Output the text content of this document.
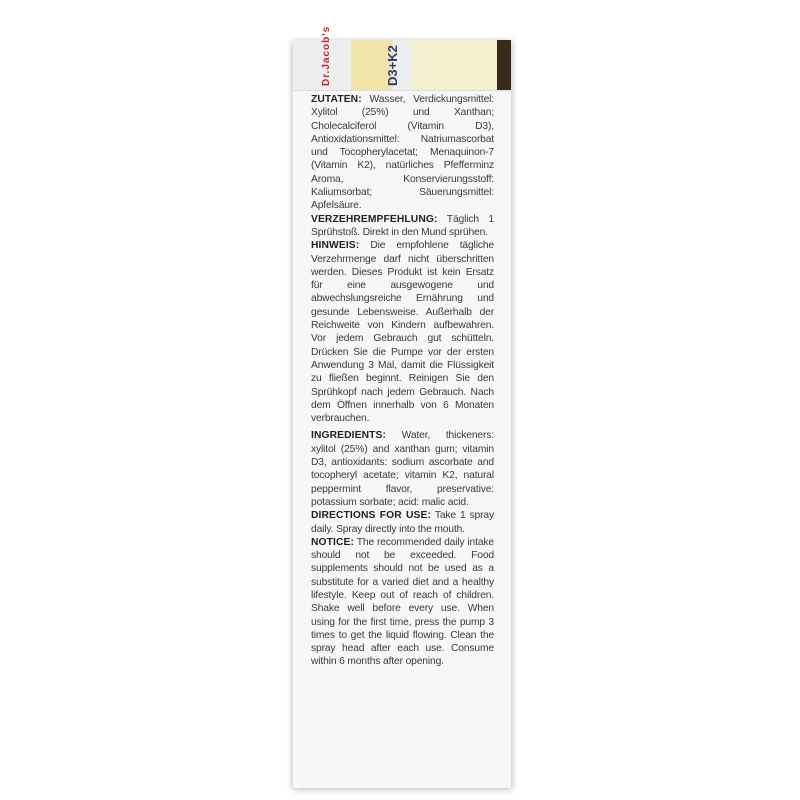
Dr.Jacob's	D3+K2
ZUTATEN: Wasser, Verdickungsmittel: Xylitol (25%) und Xanthan; Cholecalciferol (Vitamin D3), Antioxidationsmittel: Natriumascorbat und Tocopherylacetat; Menaquinon-7 (Vitamin K2), natürliches Pfefferminz Aroma, Konservierungsstoff: Kaliumsorbat; Säuerungsmittel: Apfelsäure.
VERZEHREMPFEHLUNG: Täglich 1 Sprühstoß. Direkt in den Mund sprühen.
HINWEIS: Die empfohlene tägliche Verzehrmenge darf nicht überschritten werden. Dieses Produkt ist kein Ersatz für eine ausgewogene und abwechslungsreiche Ernährung und gesunde Lebensweise. Außerhalb der Reichweite von Kindern aufbewahren. Vor jedem Gebrauch gut schütteln. Drücken Sie die Pumpe vor der ersten Anwendung 3 Mal, damit die Flüssigkeit zu fließen beginnt. Reinigen Sie den Sprühkopf nach jedem Gebrauch. Nach dem Öffnen innerhalb von 6 Monaten verbrauchen.
INGREDIENTS: Water, thickeners: xylitol (25%) and xanthan gum; vitamin D3, antioxidants: sodium ascorbate and tocopheryl acetate; vitamin K2, natural peppermint flavor, preservative: potassium sorbate; acid: malic acid.
DIRECTIONS FOR USE: Take 1 spray daily. Spray directly into the mouth.
NOTICE: The recommended daily intake should not be exceeded. Food supplements should not be used as a substitute for a varied diet and a healthy lifestyle. Keep out of reach of children. Shake well before every use. When using for the first time, press the pump 3 times to get the liquid flowing. Clean the spray head after each use. Consume within 6 months after opening.
